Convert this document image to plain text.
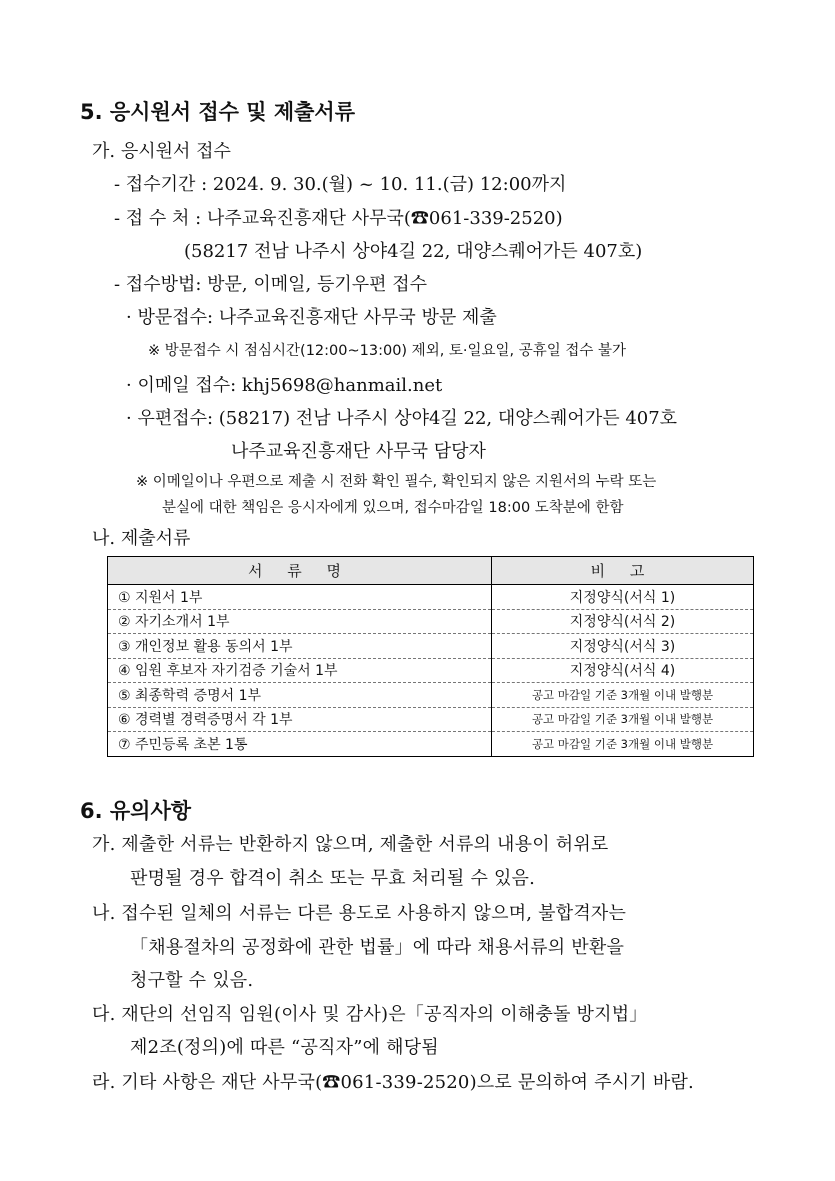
5. 응시원서 접수 및 제출서류
가. 응시원서 접수
- 접수기간 : 2024. 9. 30.(월) ~ 10. 11.(금) 12:00까지
- 접 수 처 : 나주교육진흥재단 사무국(☎061-339-2520)
(58217 전남 나주시 상야4길 22, 대양스퀘어가든 407호)
- 접수방법: 방문, 이메일, 등기우편 접수
· 방문접수: 나주교육진흥재단 사무국 방문 제출
※ 방문접수 시 점심시간(12:00~13:00) 제외, 토·일요일, 공휴일 접수 불가
· 이메일 접수: khj5698@hanmail.net
· 우편접수: (58217) 전남 나주시 상야4길 22, 대양스퀘어가든 407호
나주교육진흥재단 사무국 담당자
※ 이메일이나 우편으로 제출 시 전화 확인 필수, 확인되지 않은 지원서의 누락 또는
분실에 대한 책임은 응시자에게 있으며, 접수마감일 18:00 도착분에 한함
나. 제출서류
서 류 명	비 고
① 지원서 1부	지정양식(서식 1)
② 자기소개서 1부	지정양식(서식 2)
③ 개인정보 활용 동의서 1부	지정양식(서식 3)
④ 임원 후보자 자기검증 기술서 1부	지정양식(서식 4)
⑤ 최종학력 증명서 1부	공고 마감일 기준 3개월 이내 발행분
⑥ 경력별 경력증명서 각 1부	공고 마감일 기준 3개월 이내 발행분
⑦ 주민등록 초본 1통	공고 마감일 기준 3개월 이내 발행분
6. 유의사항
가. 제출한 서류는 반환하지 않으며, 제출한 서류의 내용이 허위로
판명될 경우 합격이 취소 또는 무효 처리될 수 있음.
나. 접수된 일체의 서류는 다른 용도로 사용하지 않으며, 불합격자는
「채용절차의 공정화에 관한 법률」에 따라 채용서류의 반환을
청구할 수 있음.
다. 재단의 선임직 임원(이사 및 감사)은「공직자의 이해충돌 방지법」
제2조(정의)에 따른 “공직자”에 해당됨
라. 기타 사항은 재단 사무국(☎061-339-2520)으로 문의하여 주시기 바람.
